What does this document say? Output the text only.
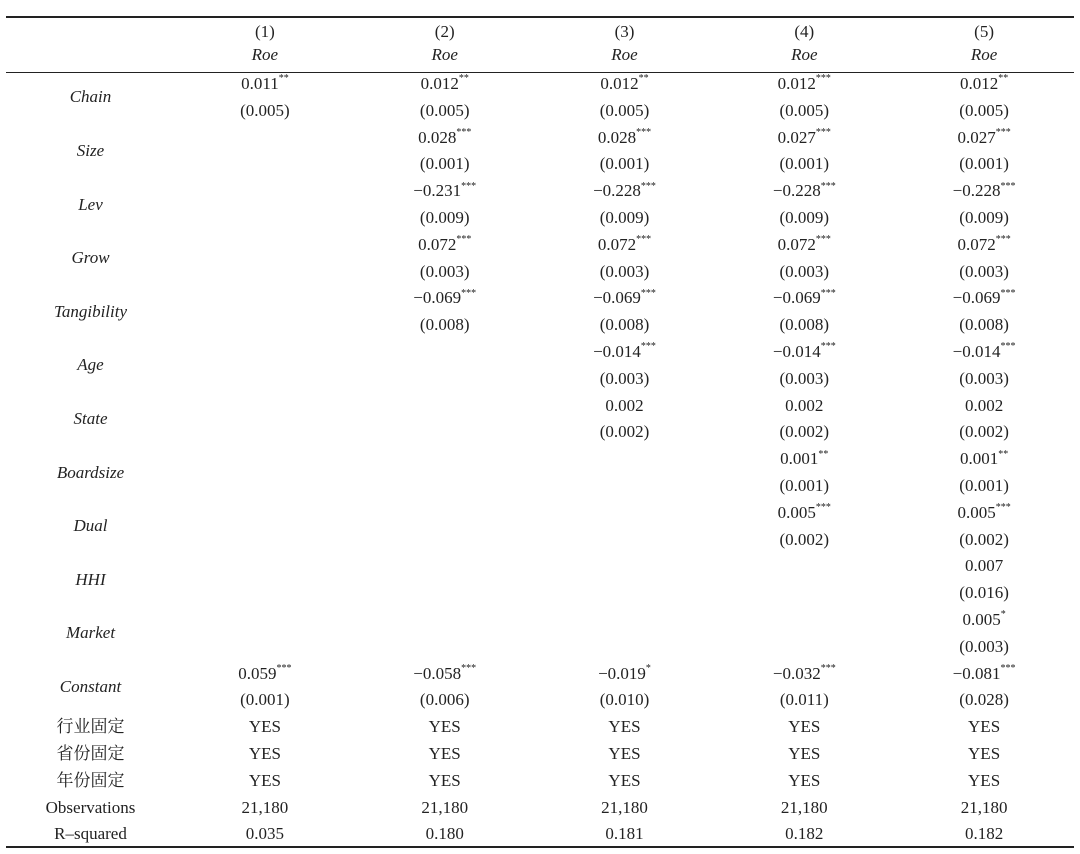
	(1)	(2)	(3)	(4)	(5)
	Roe	Roe	Roe	Roe	Roe

Chain	0.011**	0.012**	0.012**	0.012***	0.012**
	(0.005)	(0.005)	(0.005)	(0.005)	(0.005)
Size		0.028***	0.028***	0.027***	0.027***
		(0.001)	(0.001)	(0.001)	(0.001)
Lev		−0.231***	−0.228***	−0.228***	−0.228***
		(0.009)	(0.009)	(0.009)	(0.009)
Grow		0.072***	0.072***	0.072***	0.072***
		(0.003)	(0.003)	(0.003)	(0.003)
Tangibility		−0.069***	−0.069***	−0.069***	−0.069***
		(0.008)	(0.008)	(0.008)	(0.008)
Age			−0.014***	−0.014***	−0.014***
			(0.003)	(0.003)	(0.003)
State			0.002	0.002	0.002
			(0.002)	(0.002)	(0.002)
Boardsize				0.001**	0.001**
				(0.001)	(0.001)
Dual				0.005***	0.005***
				(0.002)	(0.002)
HHI					0.007
					(0.016)
Market					0.005*
					(0.003)
Constant	0.059***	−0.058***	−0.019*	−0.032***	−0.081***
	(0.001)	(0.006)	(0.010)	(0.011)	(0.028)
行业固定	YES	YES	YES	YES	YES
省份固定	YES	YES	YES	YES	YES
年份固定	YES	YES	YES	YES	YES
Observations	21,180	21,180	21,180	21,180	21,180
R–squared	0.035	0.180	0.181	0.182	0.182
